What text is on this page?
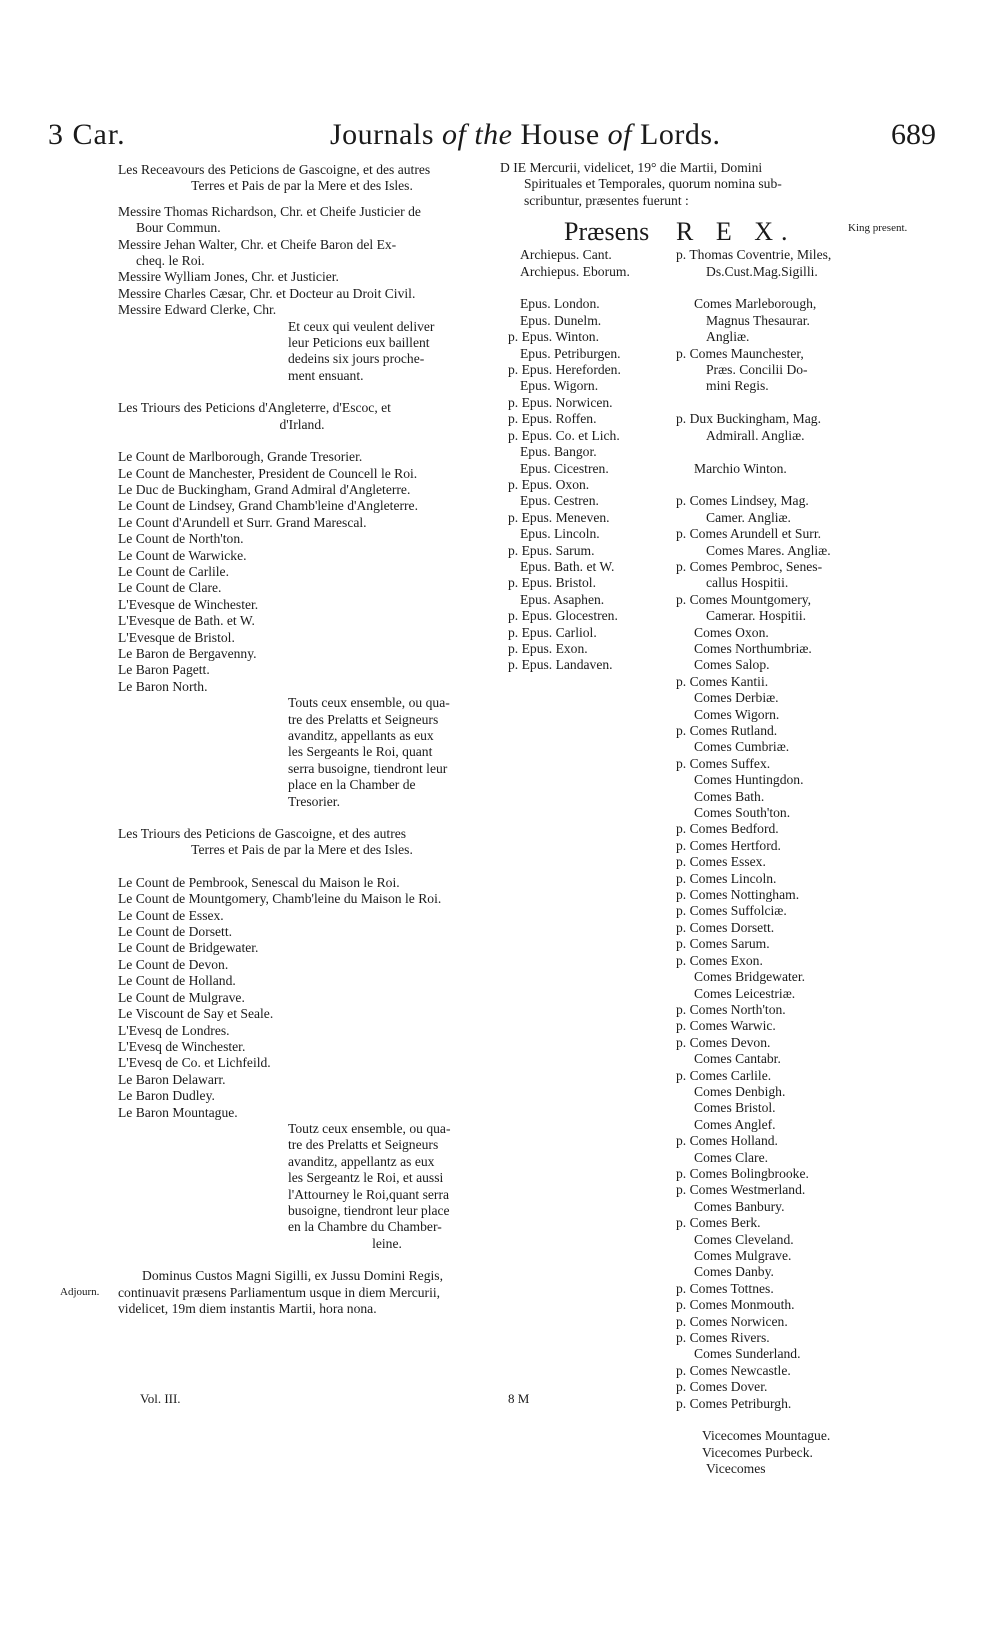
3 Car.	Journals of the House of Lords.	689
Les Receavours des Peticions de Gascoigne, et des autres
Terres et Pais de par la Mere et des Isles.
Messire Thomas Richardson, Chr. et Cheife Justicier de
Bour Commun.
Messire Jehan Walter, Chr. et Cheife Baron del Ex-
cheq. le Roi.
Messire Wylliam Jones, Chr. et Justicier.
Messire Charles Cæsar, Chr. et Docteur au Droit Civil.
Messire Edward Clerke, Chr.
Et ceux qui veulent deliver
leur Peticions eux baillent
dedeins six jours proche-
ment ensuant.
Les Triours des Peticions d'Angleterre, d'Escoc, et
d'Irland.
Le Count de Marlborough, Grande Tresorier.
Le Count de Manchester, President de Councell le Roi.
Le Duc de Buckingham, Grand Admiral d'Angleterre.
Le Count de Lindsey, Grand Chamb'leine d'Angleterre.
Le Count d'Arundell et Surr. Grand Marescal.
Le Count de North'ton.
Le Count de Warwicke.
Le Count de Carlile.
Le Count de Clare.
L'Evesque de Winchester.
L'Evesque de Bath. et W.
L'Evesque de Bristol.
Le Baron de Bergavenny.
Le Baron Pagett.
Le Baron North.
Touts ceux ensemble, ou qua-
tre des Prelatts et Seigneurs
avanditz, appellants as eux
les Sergeants le Roi, quant
serra busoigne, tiendront leur
place en la Chamber de
Tresorier.
Les Triours des Peticions de Gascoigne, et des autres
Terres et Pais de par la Mere et des Isles.
Le Count de Pembrook, Senescal du Maison le Roi.
Le Count de Mountgomery, Chamb'leine du Maison le Roi.
Le Count de Essex.
Le Count de Dorsett.
Le Count de Bridgewater.
Le Count de Devon.
Le Count de Holland.
Le Count de Mulgrave.
Le Viscount de Say et Seale.
L'Evesq de Londres.
L'Evesq de Winchester.
L'Evesq de Co. et Lichfeild.
Le Baron Delawarr.
Le Baron Dudley.
Le Baron Mountague.
Toutz ceux ensemble, ou qua-
tre des Prelatts et Seigneurs
avanditz, appellantz as eux
les Sergeantz le Roi, et aussi
l'Attourney le Roi,quant serra
busoigne, tiendront leur place
en la Chambre du Chamber-
leine.
Dominus Custos Magni Sigilli, ex Jussu Domini Regis,
continuavit præsens Parliamentum usque in diem Mercurii,
videlicet, 19m diem instantis Martii, hora nona.
Adjourn.
D IE Mercurii, videlicet, 19° die Martii, Domini
Spirituales et Temporales, quorum nomina sub-
scribuntur, præsentes fuerunt :
Præsens	R E X.
Archiepus. Cant.
Archiepus. Eborum.

Epus. London.
Epus. Dunelm.
p. Epus. Winton.
Epus. Petriburgen.
p. Epus. Hereforden.
Epus. Wigorn.
p. Epus. Norwicen.
p. Epus. Roffen.
p. Epus. Co. et Lich.
Epus. Bangor.
Epus. Cicestren.
p. Epus. Oxon.
Epus. Cestren.
p. Epus. Meneven.
Epus. Lincoln.
p. Epus. Sarum.
Epus. Bath. et W.
p. Epus. Bristol.
Epus. Asaphen.
p. Epus. Glocestren.
p. Epus. Carliol.
p. Epus. Exon.
p. Epus. Landaven.
p. Thomas Coventrie, Miles,
Ds.Cust.Mag.Sigilli.

Comes Marleborough,
Magnus Thesaurar.
Angliæ.
p. Comes Maunchester,
Præs. Concilii Do-
mini Regis.

p. Dux Buckingham, Mag.
Admirall. Angliæ.

Marchio Winton.

p. Comes Lindsey, Mag.
Camer. Angliæ.
p. Comes Arundell et Surr.
Comes Mares. Angliæ.
p. Comes Pembroc, Senes-
callus Hospitii.
p. Comes Mountgomery,
Camerar. Hospitii.
Comes Oxon.
Comes Northumbriæ.
Comes Salop.
p. Comes Kantii.
Comes Derbiæ.
Comes Wigorn.
p. Comes Rutland.
Comes Cumbriæ.
p. Comes Suffex.
Comes Huntingdon.
Comes Bath.
Comes South'ton.
p. Comes Bedford.
p. Comes Hertford.
p. Comes Essex.
p. Comes Lincoln.
p. Comes Nottingham.
p. Comes Suffolciæ.
p. Comes Dorsett.
p. Comes Sarum.
p. Comes Exon.
Comes Bridgewater.
Comes Leicestriæ.
p. Comes North'ton.
p. Comes Warwic.
p. Comes Devon.
Comes Cantabr.
p. Comes Carlile.
Comes Denbigh.
Comes Bristol.
Comes Anglef.
p. Comes Holland.
Comes Clare.
p. Comes Bolingbrooke.
p. Comes Westmerland.
Comes Banbury.
p. Comes Berk.
Comes Cleveland.
Comes Mulgrave.
Comes Danby.
p. Comes Tottnes.
p. Comes Monmouth.
p. Comes Norwicen.
p. Comes Rivers.
Comes Sunderland.
p. Comes Newcastle.
p. Comes Dover.
p. Comes Petriburgh.

Vicecomes Mountague.
Vicecomes Purbeck.
Vicecomes
King present.
Vol. III.	8 M
